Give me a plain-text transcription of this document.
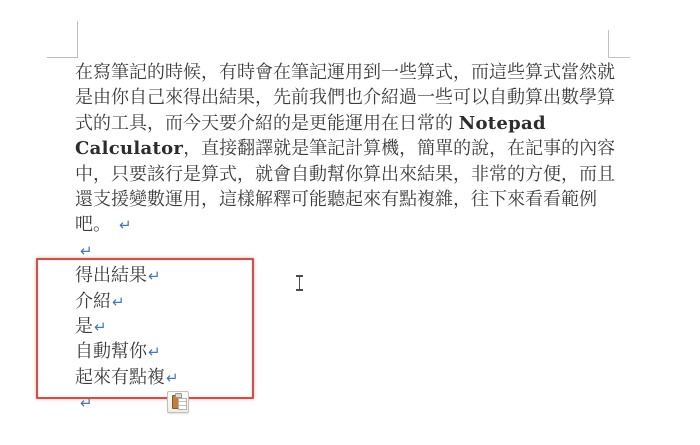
在寫筆記的時候，有時會在筆記運用到一些算式，而這些算式當然就
是由你自己來得出結果，先前我們也介紹過一些可以自動算出數學算
式的工具，而今天要介紹的是更能運用在日常的 Notepad
Calculator，直接翻譯就是筆記計算機，簡單的說，在記事的內容
中，只要該行是算式，就會自動幫你算出來結果，非常的方便，而且
還支援變數運用，這樣解釋可能聽起來有點複雜，往下來看看範例
吧。 ↵
↵
得出結果↵
介紹↵
是↵
自動幫你↵
起來有點複↵
↵
